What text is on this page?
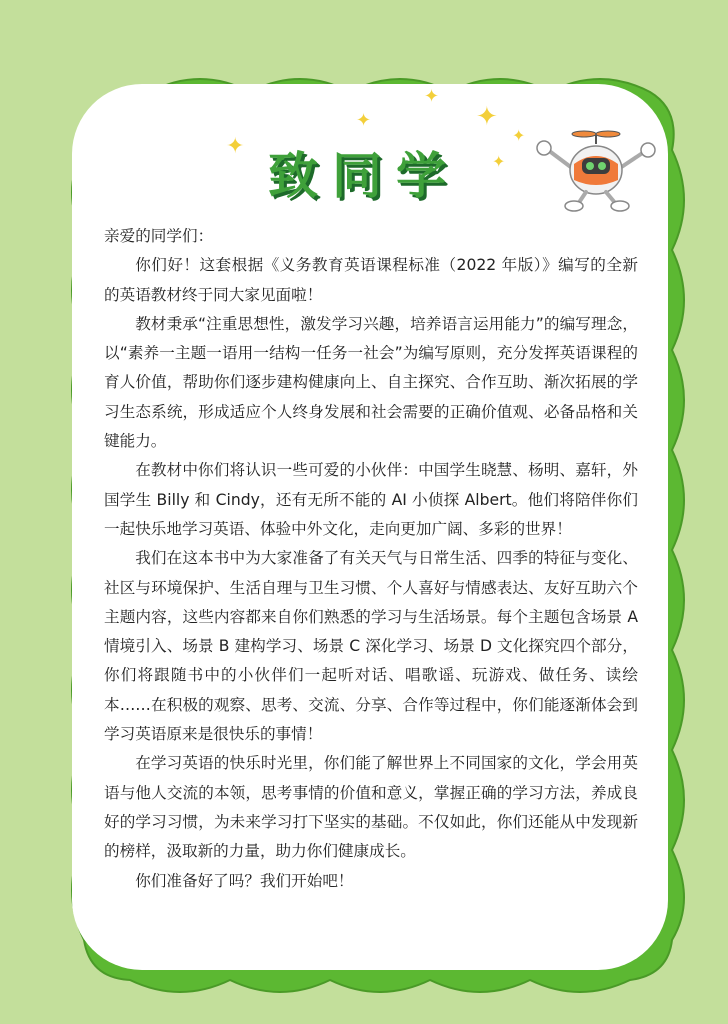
✦
✦
✦
✦
✦
✦
致同学

亲爱的同学们：

你们好！这套根据《义务教育英语课程标准（2022 年版）》编写的全新的英语教材终于同大家见面啦！

教材秉承“注重思想性，激发学习兴趣，培养语言运用能力”的编写理念，以“素养一主题一语用一结构一任务一社会”为编写原则，充分发挥英语课程的育人价值，帮助你们逐步建构健康向上、自主探究、合作互助、渐次拓展的学习生态系统，形成适应个人终身发展和社会需要的正确价值观、必备品格和关键能力。

在教材中你们将认识一些可爱的小伙伴：中国学生晓慧、杨明、嘉轩，外国学生 Billy 和 Cindy，还有无所不能的 AI 小侦探 Albert。他们将陪伴你们一起快乐地学习英语、体验中外文化，走向更加广阔、多彩的世界！

我们在这本书中为大家准备了有关天气与日常生活、四季的特征与变化、社区与环境保护、生活自理与卫生习惯、个人喜好与情感表达、友好互助六个主题内容，这些内容都来自你们熟悉的学习与生活场景。每个主题包含场景 A 情境引入、场景 B 建构学习、场景 C 深化学习、场景 D 文化探究四个部分，你们将跟随书中的小伙伴们一起听对话、唱歌谣、玩游戏、做任务、读绘本……在积极的观察、思考、交流、分享、合作等过程中，你们能逐渐体会到学习英语原来是很快乐的事情！

在学习英语的快乐时光里，你们能了解世界上不同国家的文化，学会用英语与他人交流的本领，思考事情的价值和意义，掌握正确的学习方法，养成良好的学习习惯，为未来学习打下坚实的基础。不仅如此，你们还能从中发现新的榜样，汲取新的力量，助力你们健康成长。

你们准备好了吗？我们开始吧！
